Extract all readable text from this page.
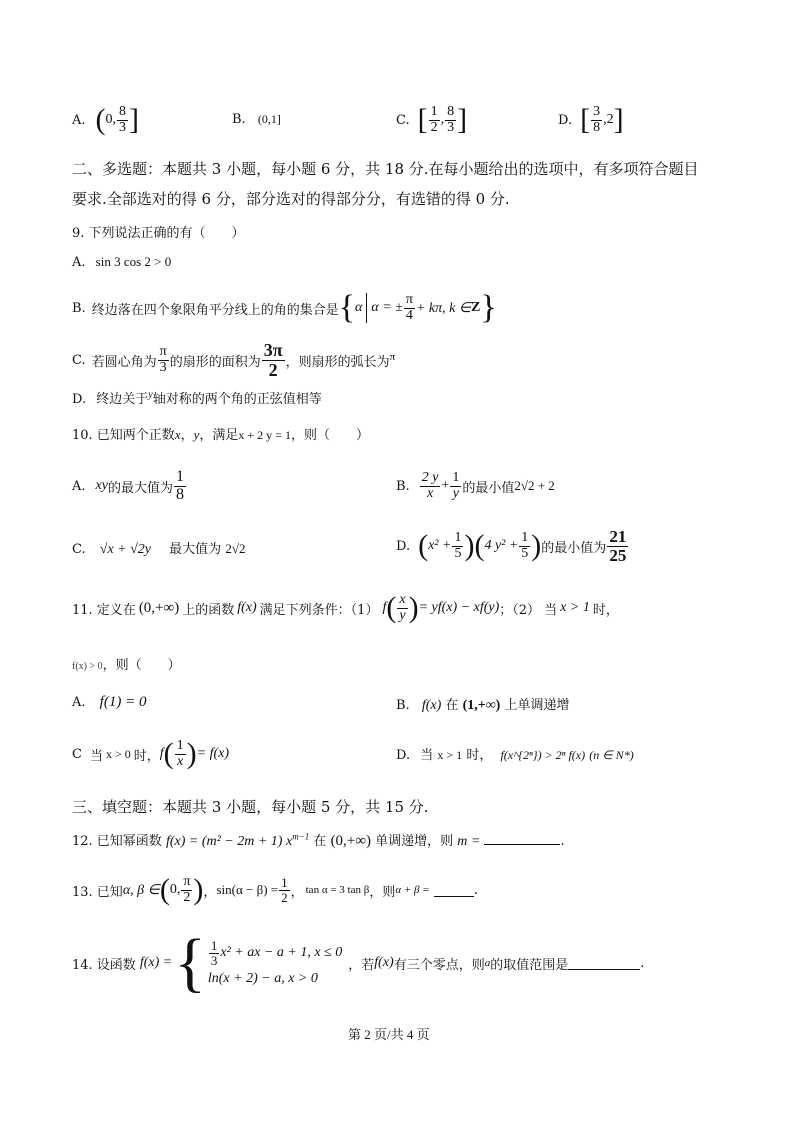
A. ( 0, $\frac{8}{3}$ ]	B. (0,1]	C. [ $\frac{1}{2}$ , $\frac{8}{3}$ ]	D. [ $\frac{3}{8} ,2$ ]
二、多选题：本题共 3 小题，每小题 6 分，共 18 分.在每小题给出的选项中，有多项符合题目
要求.全部选对的得 6 分，部分选对的得部分分，有选错的得 0 分.
9. 下列说法正确的有（　　）
A. sin 3 cos 2 > 0
B. 终边落在四个象限角平分线上的角的集合是 { α α = ± $\frac{\pi}{4} + k\pi$, k ∈ Z }
C. 若圆心角为 $\frac{\pi}{3}$ 的扇形的面积为 $\frac{3\pi}{2}$ ，则扇形的弧长为 π
D. 终边关于$^y$轴对称的两个角的正弦值相等
10. 已知两个正数x，y，满足x + 2 y = 1，则（　　）
A. xy 的最大值为 $\frac{1}{8}$	B. $\frac{2 y}{x} + \frac{1}{y}$ 的最小值 2√2 + 2
C. √x + √2y 最大值为 2√2	D. ( $x^2 + \frac{1}{5}$ )( 4 $y^2 + \frac{1}{5}$ ) 的最小值为 $\frac{21}{25}$
11. 定义在 (0,+∞) 上的函数 f(x) 满足下列条件：（1） f ( $\frac{x}{y}$ ) = yf(x) − xf(y) ；（2） 当 x > 1 时，
f(x) > 0，则（　　）
A. f(1) = 0	B. f(x) 在 (1,+∞) 上单调递增
C 当 x > 0 时， f ( $\frac{1}{x}$ ) = f(x)	D. 当 x > 1 时， f(x^{2ⁿ}) > 2ⁿ f(x) (n ∈ N*)
三、填空题：本题共 3 小题，每小题 5 分，共 15 分.
12. 已知幂函数 f(x) = (m² − 2m + 1) $x^{m-1}$ 在 (0,+∞) 单调递增，则 m =	.
13. 已知 α, β ∈ ( 0, $\frac{\pi}{2}$ ) ， $\sin(\alpha - \beta) = \frac{1}{2}$ ， tan α = 3 tan β ，则 α + β =	.
14. 设函数 f(x) = { $\frac{1}{3} x^2$ + ax − a + 1, x ≤ 0
ln(x + 2) − a, x > 0
，若 f(x) 有三个零点，则 a 的取值范围是	.
第 2 页/共 4 页
